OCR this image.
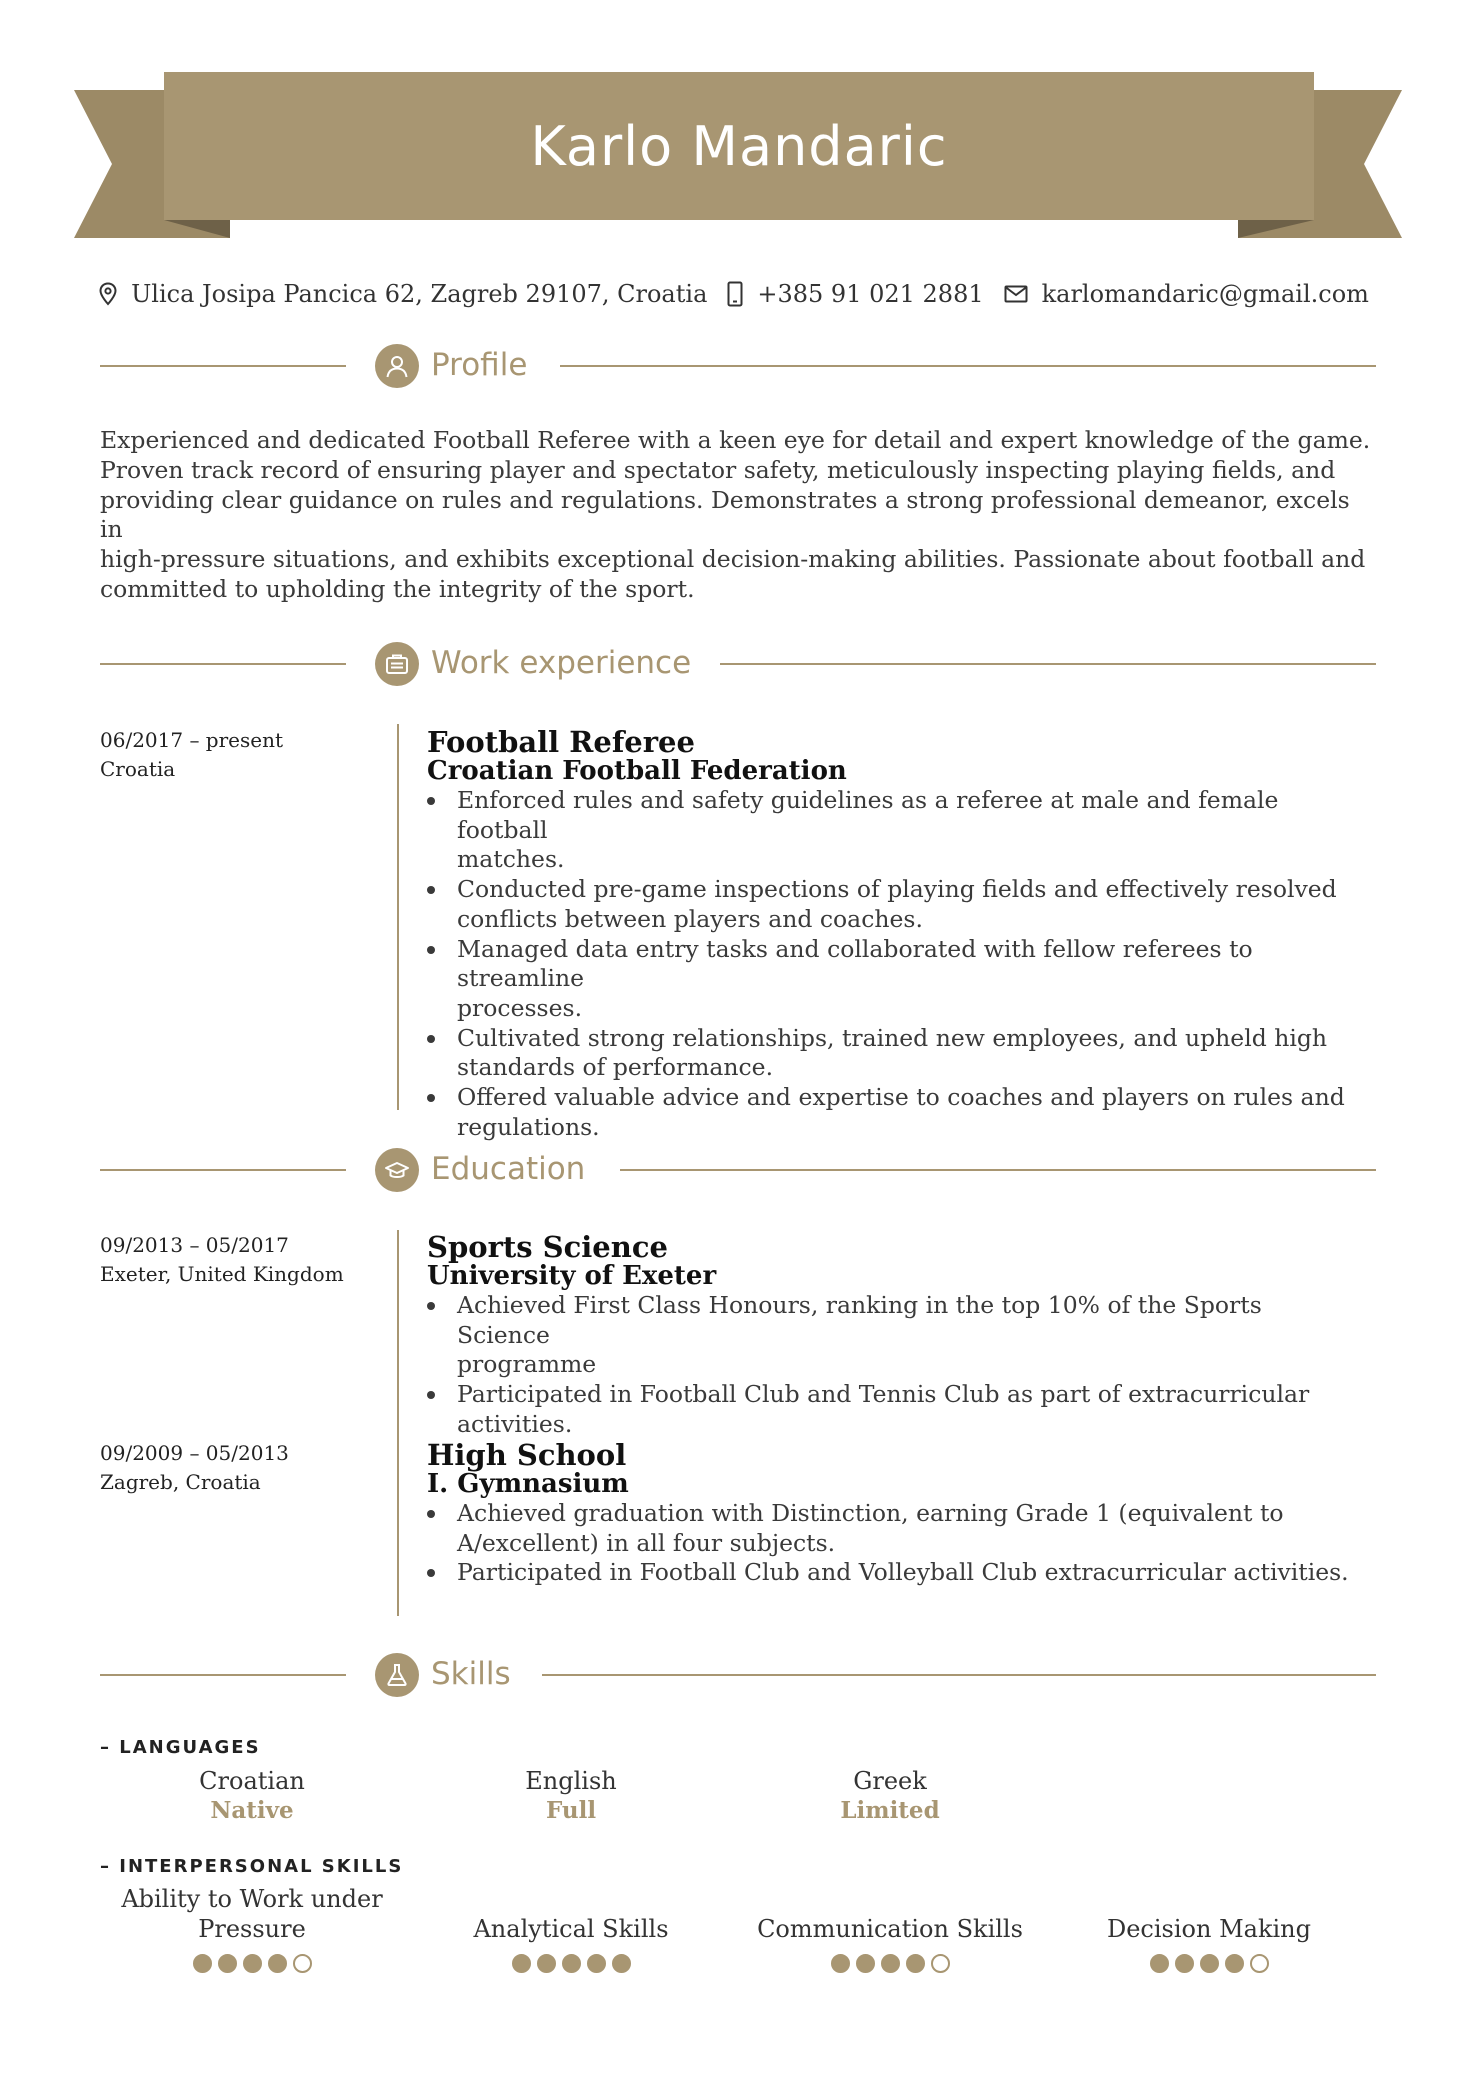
Karlo Mandaric
Ulica Josipa Pancica 62, Zagreb 29107, Croatia +385 91 021 2881 karlomandaric@gmail.com
Profile
Experienced and dedicated Football Referee with a keen eye for detail and expert knowledge of the game.
Proven track record of ensuring player and spectator safety, meticulously inspecting playing fields, and
providing clear guidance on rules and regulations. Demonstrates a strong professional demeanor, excels in
high-pressure situations, and exhibits exceptional decision-making abilities. Passionate about football and
committed to upholding the integrity of the sport.
Work experience
06/2017 – present
Croatia
Football Referee
Croatian Football Federation
Enforced rules and safety guidelines as a referee at male and female football
matches.
Conducted pre-game inspections of playing fields and effectively resolved
conflicts between players and coaches.
Managed data entry tasks and collaborated with fellow referees to streamline
processes.
Cultivated strong relationships, trained new employees, and upheld high
standards of performance.
Offered valuable advice and expertise to coaches and players on rules and
regulations.
Education
09/2013 – 05/2017
Exeter, United Kingdom
Sports Science
University of Exeter
Achieved First Class Honours, ranking in the top 10% of the Sports Science
programme
Participated in Football Club and Tennis Club as part of extracurricular
activities.
09/2009 – 05/2013
Zagreb, Croatia
High School
I. Gymnasium
Achieved graduation with Distinction, earning Grade 1 (equivalent to
A/excellent) in all four subjects.
Participated in Football Club and Volleyball Club extracurricular activities.
Skills
– LANGUAGES
Croatian
Native
English
Full
Greek
Limited
– INTERPERSONAL SKILLS
Ability to Work under Pressure	Analytical Skills	Communication Skills	Decision Making
